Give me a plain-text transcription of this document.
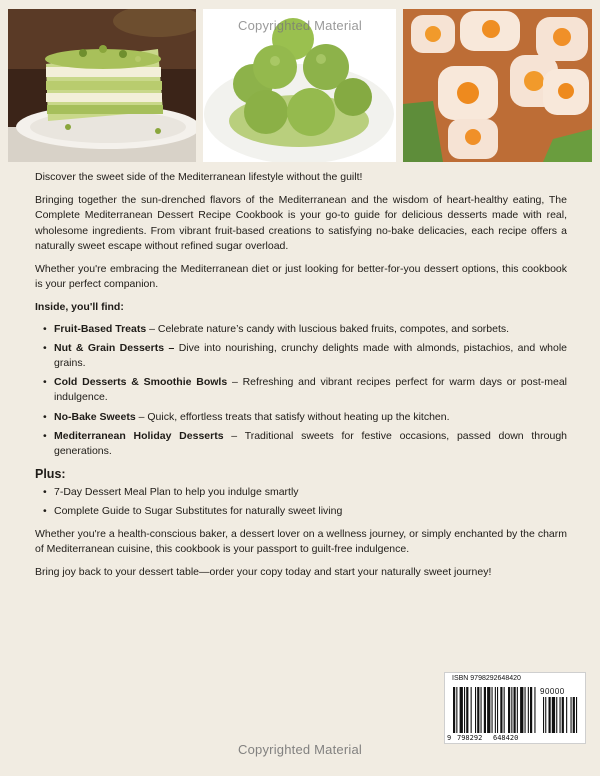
Copyrighted Material

Discover the sweet side of the Mediterranean lifestyle without the guilt!

Bringing together the sun-drenched flavors of the Mediterranean and the wisdom of heart-healthy eating, The Complete Mediterranean Dessert Recipe Cookbook is your go-to guide for delicious desserts made with real, wholesome ingredients. From vibrant fruit-based creations to satisfying no-bake delicacies, each recipe offers a naturally sweet escape without refined sugar overload.

Whether you're embracing the Mediterranean diet or just looking for better-for-you dessert options, this cookbook is your perfect companion.

Inside, you'll find:
• Fruit-Based Treats – Celebrate nature’s candy with luscious baked fruits, compotes, and sorbets.
• Nut & Grain Desserts – Dive into nourishing, crunchy delights made with almonds, pistachios, and whole grains.
• Cold Desserts & Smoothie Bowls – Refreshing and vibrant recipes perfect for warm days or post-meal indulgence.
• No-Bake Sweets – Quick, effortless treats that satisfy without heating up the kitchen.
• Mediterranean Holiday Desserts – Traditional sweets for festive occasions, passed down through generations.
Plus:
• 7-Day Dessert Meal Plan to help you indulge smartly
• Complete Guide to Sugar Substitutes for naturally sweet living

Whether you're a health-conscious baker, a dessert lover on a wellness journey, or simply enchanted by the charm of Mediterranean cuisine, this cookbook is your passport to guilt-free indulgence.

Bring joy back to your dessert table—order your copy today and start your naturally sweet journey!

ISBN 9798292648420
90000
9 798292 648420
Copyrighted Material
